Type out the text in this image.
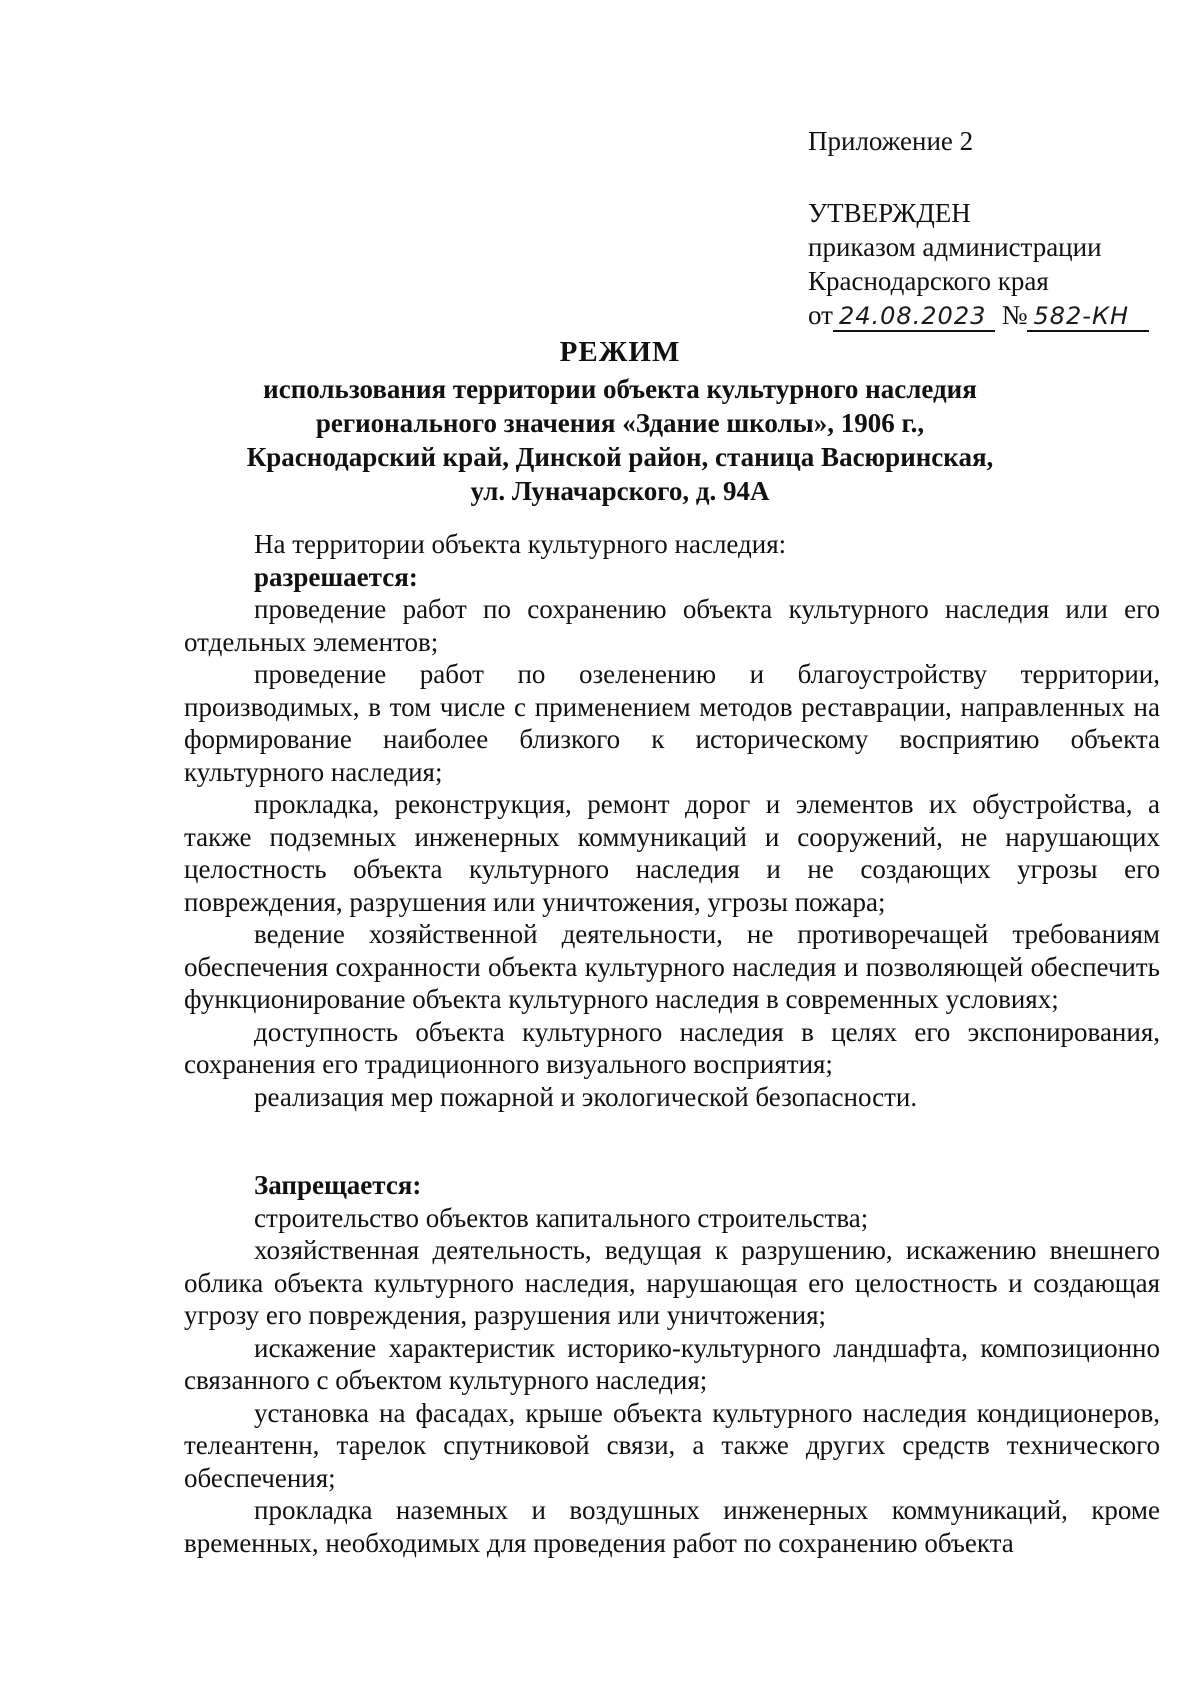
Приложение 2
УТВЕРЖДЕН
приказом администрации
Краснодарского края
от 24.08.2023 № 582-КН
РЕЖИМ
использования территории объекта культурного наследия
регионального значения «Здание школы», 1906 г.,
Краснодарский край, Динской район, станица Васюринская,
ул. Луначарского, д. 94А

На территории объекта культурного наследия:

разрешается:

проведение работ по сохранению объекта культурного наследия или его отдельных элементов;

проведение работ по озеленению и благоустройству территории, производимых, в том числе с применением методов реставрации, направленных на формирование наиболее близкого к историческому восприятию объекта культурного наследия;

прокладка, реконструкция, ремонт дорог и элементов их обустройства, а также подземных инженерных коммуникаций и сооружений, не нарушающих целостность объекта культурного наследия и не создающих угрозы его повреждения, разрушения или уничтожения, угрозы пожара;

ведение хозяйственной деятельности, не противоречащей требованиям обеспечения сохранности объекта культурного наследия и позволяющей обеспечить функционирование объекта культурного наследия в современных условиях;

доступность объекта культурного наследия в целях его экспонирования, сохранения его традиционного визуального восприятия;

реализация мер пожарной и экологической безопасности.

Запрещается:

строительство объектов капитального строительства;

хозяйственная деятельность, ведущая к разрушению, искажению внешнего облика объекта культурного наследия, нарушающая его целостность и создающая угрозу его повреждения, разрушения или уничтожения;

искажение характеристик историко-культурного ландшафта, композиционно связанного с объектом культурного наследия;

установка на фасадах, крыше объекта культурного наследия кондиционеров, телеантенн, тарелок спутниковой связи, а также других средств технического обеспечения;

прокладка наземных и воздушных инженерных коммуникаций, кроме временных, необходимых для проведения работ по сохранению объекта
